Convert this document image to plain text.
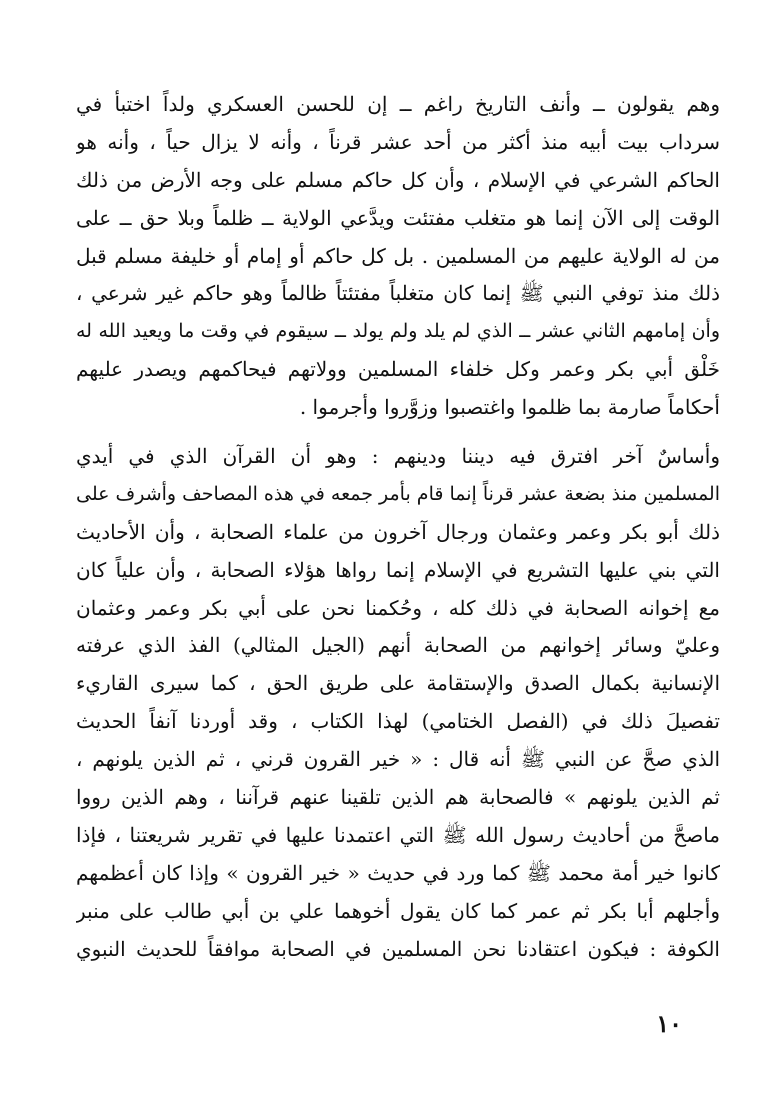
وهم يقولون ــ وأنف التاريخ راغم ــ إن للحسن العسكري ولداً اختبأ في
سرداب بيت أبيه منذ أكثر من أحد عشر قرناً ، وأنه لا يزال حياً ، وأنه هو
الحاكم الشرعي في الإسلام ، وأن كل حاكم مسلم على وجه الأرض من ذلك
الوقت إلى الآن إنما هو متغلب مفتئت ويدَّعي الولاية ــ ظلماً وبلا حق ــ على
من له الولاية عليهم من المسلمين . بل كل حاكم أو إمام أو خليفة مسلم قبل
ذلك منذ توفي النبي ﷺ إنما كان متغلباً مفتئتاً ظالماً وهو حاكم غير شرعي ،
وأن إمامهم الثاني عشر ــ الذي لم يلد ولم يولد ــ سيقوم في وقت ما ويعيد الله له
خَلْق أبي بكر وعمر وكل خلفاء المسلمين وولاتهم فيحاكمهم ويصدر عليهم
أحكاماً صارمة بما ظلموا واغتصبوا وزوَّروا وأجرموا .
وأساسٌ آخر افترق فيه ديننا ودينهم : وهو أن القرآن الذي في أيدي
المسلمين منذ بضعة عشر قرناً إنما قام بأمر جمعه في هذه المصاحف وأشرف على
ذلك أبو بكر وعمر وعثمان ورجال آخرون من علماء الصحابة ، وأن الأحاديث
التي بني عليها التشريع في الإسلام إنما رواها هؤلاء الصحابة ، وأن علياً كان
مع إخوانه الصحابة في ذلك كله ، وحُكمنا نحن على أبي بكر وعمر وعثمان
وعليّ وسائر إخوانهم من الصحابة أنهم (الجيل المثالي) الفذ الذي عرفته
الإنسانية بكمال الصدق والإستقامة على طريق الحق ، كما سيرى القاريء
تفصيلَ ذلك في (الفصل الختامي) لهذا الكتاب ، وقد أوردنا آنفاً الحديث
الذي صحَّ عن النبي ﷺ أنه قال : « خير القرون قرني ، ثم الذين يلونهم ،
ثم الذين يلونهم » فالصحابة هم الذين تلقينا عنهم قرآننا ، وهم الذين رووا
ماصحَّ من أحاديث رسول الله ﷺ التي اعتمدنا عليها في تقرير شريعتنا ، فإذا
كانوا خير أمة محمد ﷺ كما ورد في حديث « خير القرون » وإذا كان أعظمهم
وأجلهم أبا بكر ثم عمر كما كان يقول أخوهما علي بن أبي طالب على منبر
الكوفة : فيكون اعتقادنا نحن المسلمين في الصحابة موافقاً للحديث النبوي
١٠
